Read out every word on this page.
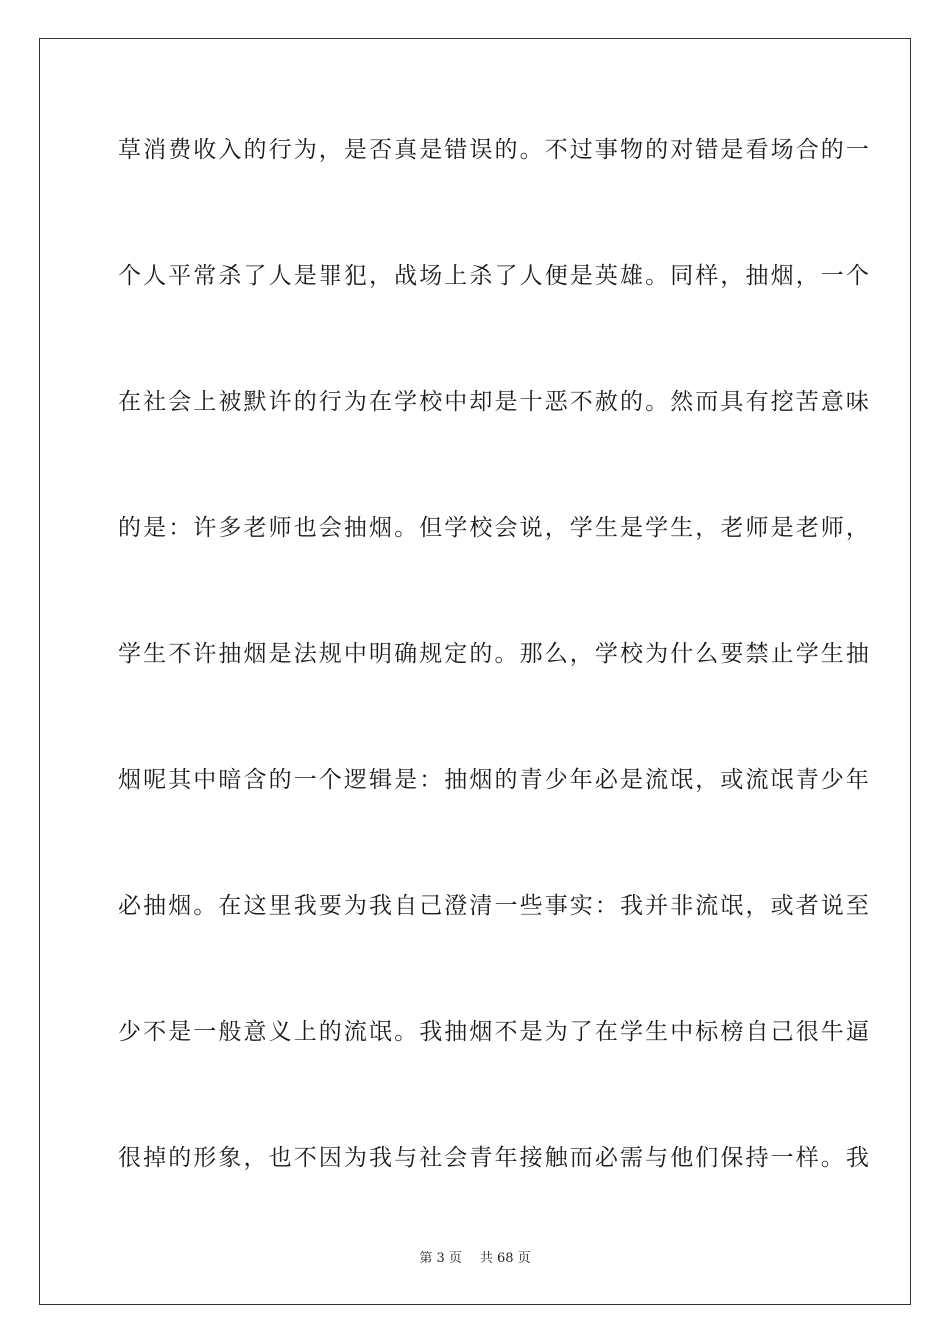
草消费收入的行为，是否真是错误的。不过事物的对错是看场合的一
个人平常杀了人是罪犯，战场上杀了人便是英雄。同样，抽烟，一个
在社会上被默许的行为在学校中却是十恶不赦的。然而具有挖苦意味
的是：许多老师也会抽烟。但学校会说，学生是学生，老师是老师，
学生不许抽烟是法规中明确规定的。那么，学校为什么要禁止学生抽
烟呢其中暗含的一个逻辑是：抽烟的青少年必是流氓，或流氓青少年
必抽烟。在这里我要为我自己澄清一些事实：我并非流氓，或者说至
少不是一般意义上的流氓。我抽烟不是为了在学生中标榜自己很牛逼
很掉的形象，也不因为我与社会青年接触而必需与他们保持一样。我
第 3 页 共 68 页
